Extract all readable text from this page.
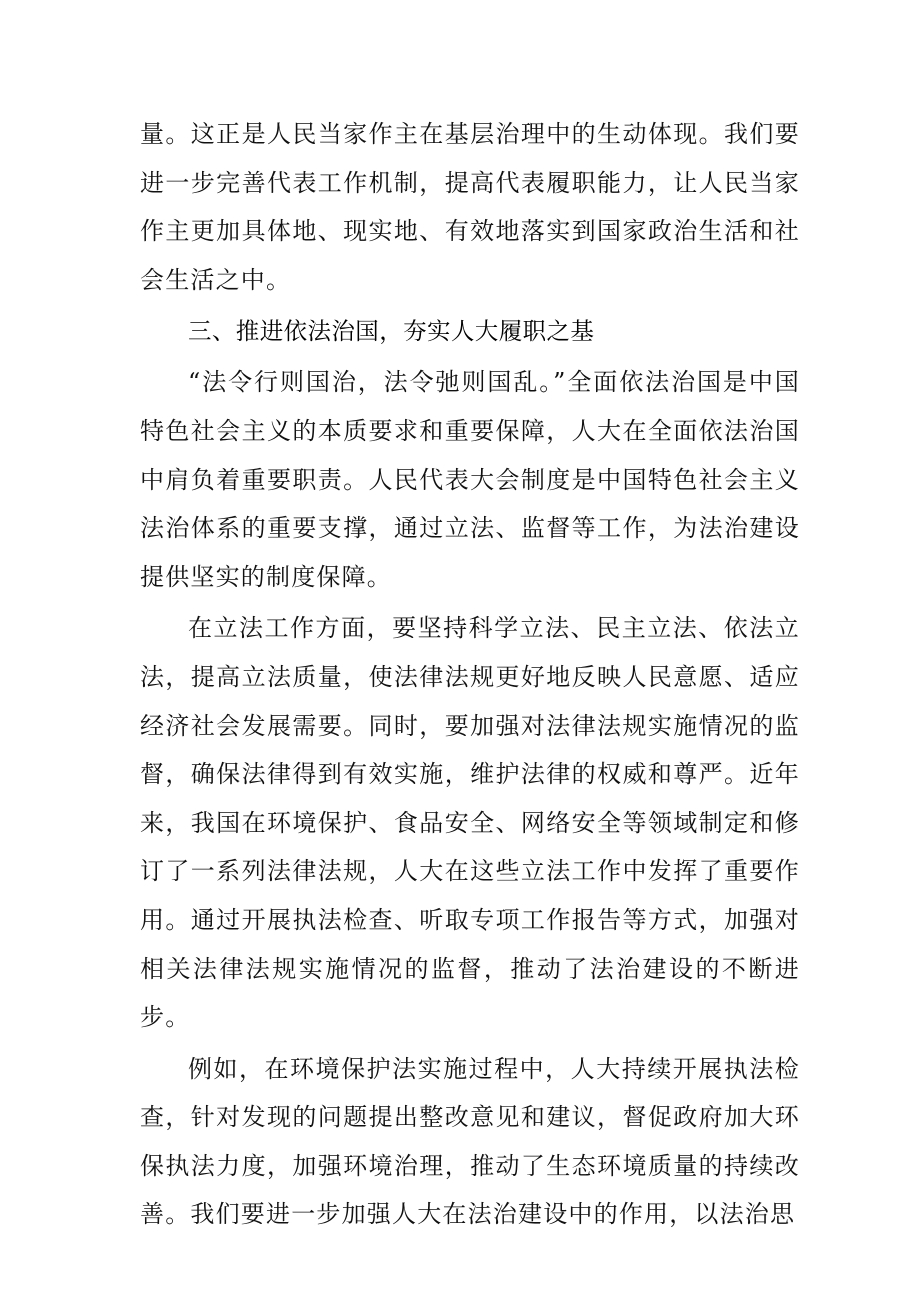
量。这正是人民当家作主在基层治理中的生动体现。我们要进一步完善代表工作机制，提高代表履职能力，让人民当家作主更加具体地、现实地、有效地落实到国家政治生活和社会生活之中。

三、推进依法治国，夯实人大履职之基

“法令行则国治，法令弛则国乱。”全面依法治国是中国特色社会主义的本质要求和重要保障，人大在全面依法治国中肩负着重要职责。人民代表大会制度是中国特色社会主义法治体系的重要支撑，通过立法、监督等工作，为法治建设提供坚实的制度保障。

在立法工作方面，要坚持科学立法、民主立法、依法立法，提高立法质量，使法律法规更好地反映人民意愿、适应经济社会发展需要。同时，要加强对法律法规实施情况的监督，确保法律得到有效实施，维护法律的权威和尊严。近年来，我国在环境保护、食品安全、网络安全等领域制定和修订了一系列法律法规，人大在这些立法工作中发挥了重要作用。通过开展执法检查、听取专项工作报告等方式，加强对相关法律法规实施情况的监督，推动了法治建设的不断进步。

例如，在环境保护法实施过程中，人大持续开展执法检查，针对发现的问题提出整改意见和建议，督促政府加大环保执法力度，加强环境治理，推动了生态环境质量的持续改善。我们要进一步加强人大在法治建设中的作用，以法治思
